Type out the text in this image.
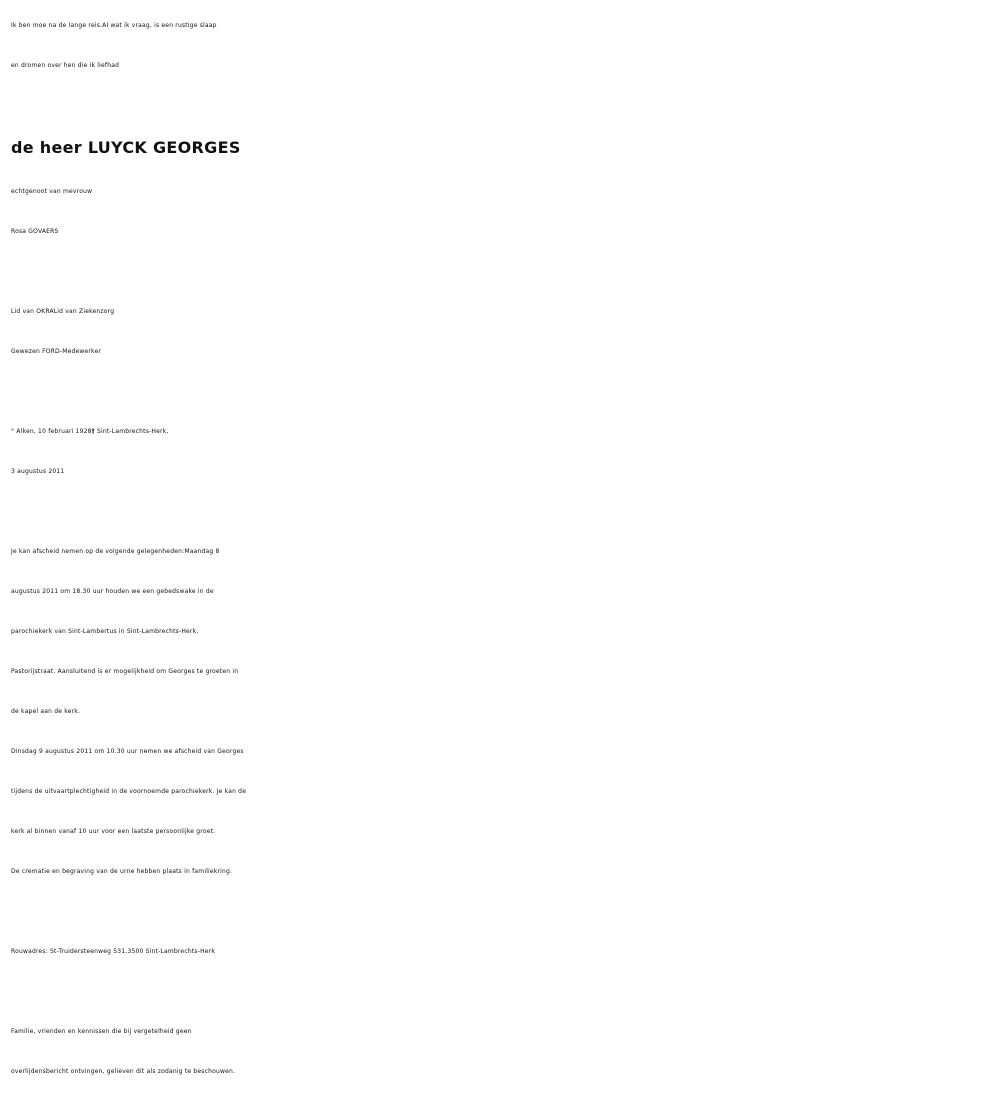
Ik ben moe na de lange reis.Al wat ik vraag, is een rustige slaap
en dromen over hen die ik liefhad
de heer LUYCK GEORGES
echtgenoot van mevrouw
Rosa GOVAERS
Lid van OKRALid van Ziekenzorg
Gewezen FORD-Medewerker
° Alken, 10 februari 1928† Sint-Lambrechts-Herk,
3 augustus 2011
Je kan afscheid nemen op de volgende gelegenheden:Maandag 8
augustus 2011 om 18.30 uur houden we een gebedswake in de
parochiekerk van Sint-Lambertus in Sint-Lambrechts-Herk,
Pastorijstraat. Aansluitend is er mogelijkheid om Georges te groeten in
de kapel aan de kerk.
Dinsdag 9 augustus 2011 om 10.30 uur nemen we afscheid van Georges
tijdens de uitvaartplechtigheid in de voornoemde parochiekerk. Je kan de
kerk al binnen vanaf 10 uur voor een laatste persoonlijke groet.
De crematie en begraving van de urne hebben plaats in familiekring.
Rouwadres: St-Truidersteenweg 531,3500 Sint-Lambrechts-Herk
Familie, vrienden en kennissen die bij vergetelheid geen
overlijdensbericht ontvingen, gelieven dit als zodanig te beschouwen.
